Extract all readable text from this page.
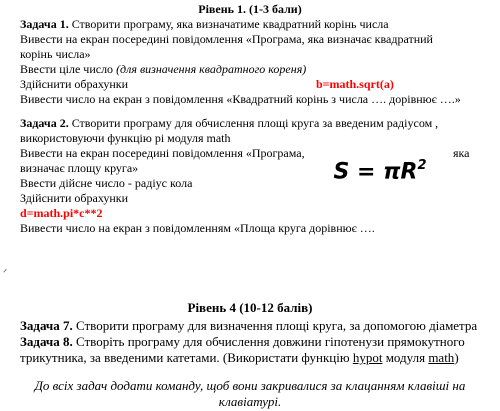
Рівень 1. (1-3 бали)
Задача 1. Створити програму, яка визначатиме квадратний корінь числа
Вивести на екран посередині повідомлення «Програма, яка визначає квадратний
корінь числа»
Ввести ціле число (для визначення квадратного кореня)
Здійснити обрахунки	b=math.sqrt(a)
Вивести число на екран з повідомлення «Квадратний корінь з числа …. дорівнює ….»
Задача 2. Створити програму для обчислення площі круга за введеним радіусом ,
використовуючи функцію pi модуля math
Вивести на екран посередині повідомлення «Програма,	яка
визначає площу круга»
Ввести дійсне число - радіус кола
Здійснити обрахунки
d=math.pi*c**2
Вивести число на екран з повідомленням «Площа круга дорівнює ….
$S = \pi R^2$
ᐟ
Рівень 4 (10-12 балів)
Задача 7. Створити програму для визначення площі круга, за допомогою діаметра
Задача 8. Створіть програму для обчислення довжини гіпотенузи прямокутного
трикутника, за введеними катетами. (Використати функцію hypot модуля math)
До всіх задач додати команду, щоб вони закривалися за клацанням клавіші на
клавіатурі.
